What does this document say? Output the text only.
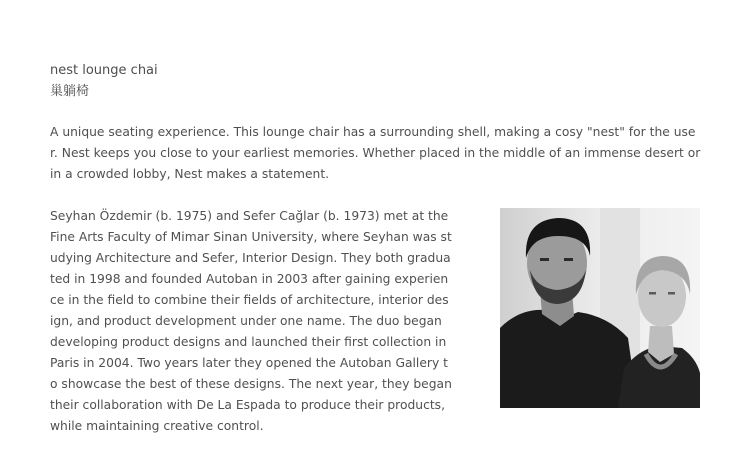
nest lounge chai

巢躺椅

A unique seating experience. This lounge chair has a surrounding shell, making a cosy "nest" for the user. Nest keeps you close to your earliest memories. Whether placed in the middle of an immense desert or in a crowded lobby, Nest makes a statement.

Seyhan Özdemir (b. 1975) and Sefer Cağlar (b. 1973) met at the Fine Arts Faculty of Mimar Sinan University, where Seyhan was studying Architecture and Sefer, Interior Design. They both graduated in 1998 and founded Autoban in 2003 after gaining experience in the field to combine their fields of architecture, interior design, and product development under one name. The duo began developing product designs and launched their first collection in Paris in 2004. Two years later they opened the Autoban Gallery to showcase the best of these designs. The next year, they began their collaboration with De La Espada to produce their products, while maintaining creative control.
